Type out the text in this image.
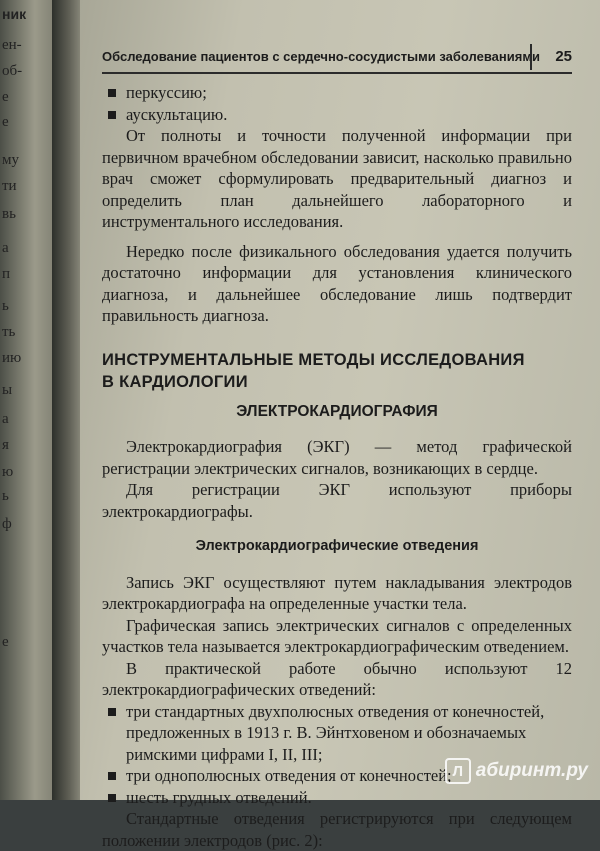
ник
ен-
об-
е
е
му
ти
вь
а
п
ь
ть
ию
ы
а
я
ю
ь
ф
е
Обследование пациентов с сердечно-сосудистыми заболеваниями	25
перкуссию;
аускультацию.

От полноты и точности полученной информации при первичном врачебном обследовании зависит, насколько правильно врач сможет сформулировать предварительный диагноз и определить план дальнейшего лабораторного и инструментального исследования.

Нередко после физикального обследования удается получить достаточно информации для установления клинического диагноза, и дальнейшее обследование лишь подтвердит правильность диагноза.

ИНСТРУМЕНТАЛЬНЫЕ МЕТОДЫ ИССЛЕДОВАНИЯ
В КАРДИОЛОГИИ
ЭЛЕКТРОКАРДИОГРАФИЯ

Электрокардиография (ЭКГ) — метод графической регистрации электрических сигналов, возникающих в сердце.

Для регистрации ЭКГ используют приборы электрокардиографы.

Электрокардиографические отведения

Запись ЭКГ осуществляют путем накладывания электродов электрокардиографа на определенные участки тела.

Графическая запись электрических сигналов с определенных участков тела называется электрокардиографическим отведением.

В практической работе обычно используют 12 электрокардиографических отведений:

три стандартных двухполюсных отведения от конечностей, предложенных в 1913 г. В. Эйнтховеном и обозначаемых римскими цифрами I, II, III;
три однополюсных отведения от конечностей;
шесть грудных отведений.

Стандартные отведения регистрируются при следующем положении электродов (рис. 2):

Л абиринт.ру
